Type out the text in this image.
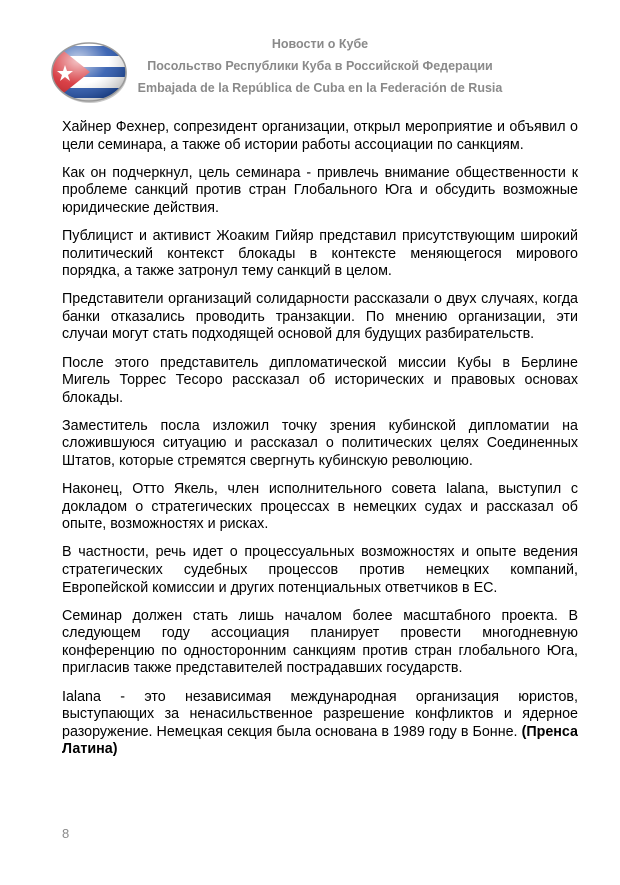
Новости о Кубе
Посольство Республики Куба в Российской Федерации
Embajada de la República de Cuba en la Federación de Rusia

Хайнер Фехнер, сопрезидент организации, открыл мероприятие и объявил о цели семинара, а также об истории работы ассоциации по санкциям.

Как он подчеркнул, цель семинара - привлечь внимание общественности к проблеме санкций против стран Глобального Юга и обсудить возможные юридические действия.

Публицист и активист Жоаким Гийяр представил присутствующим широкий политический контекст блокады в контексте меняющегося мирового порядка, а также затронул тему санкций в целом.

Представители организаций солидарности рассказали о двух случаях, когда банки отказались проводить транзакции. По мнению организации, эти случаи могут стать подходящей основой для будущих разбирательств.

После этого представитель дипломатической миссии Кубы в Берлине Мигель Торрес Тесоро рассказал об исторических и правовых основах блокады.

Заместитель посла изложил точку зрения кубинской дипломатии на сложившуюся ситуацию и рассказал о политических целях Соединенных Штатов, которые стремятся свергнуть кубинскую революцию.

Наконец, Отто Якель, член исполнительного совета Ialana, выступил с докладом о стратегических процессах в немецких судах и рассказал об опыте, возможностях и рисках.

В частности, речь идет о процессуальных возможностях и опыте ведения стратегических судебных процессов против немецких компаний, Европейской комиссии и других потенциальных ответчиков в ЕС.

Семинар должен стать лишь началом более масштабного проекта. В следующем году ассоциация планирует провести многодневную конференцию по односторонним санкциям против стран глобального Юга, пригласив также представителей пострадавших государств.

Ialana - это независимая международная организация юристов, выступающих за ненасильственное разрешение конфликтов и ядерное разоружение. Немецкая секция была основана в 1989 году в Бонне. (Пренса Латина)

8
